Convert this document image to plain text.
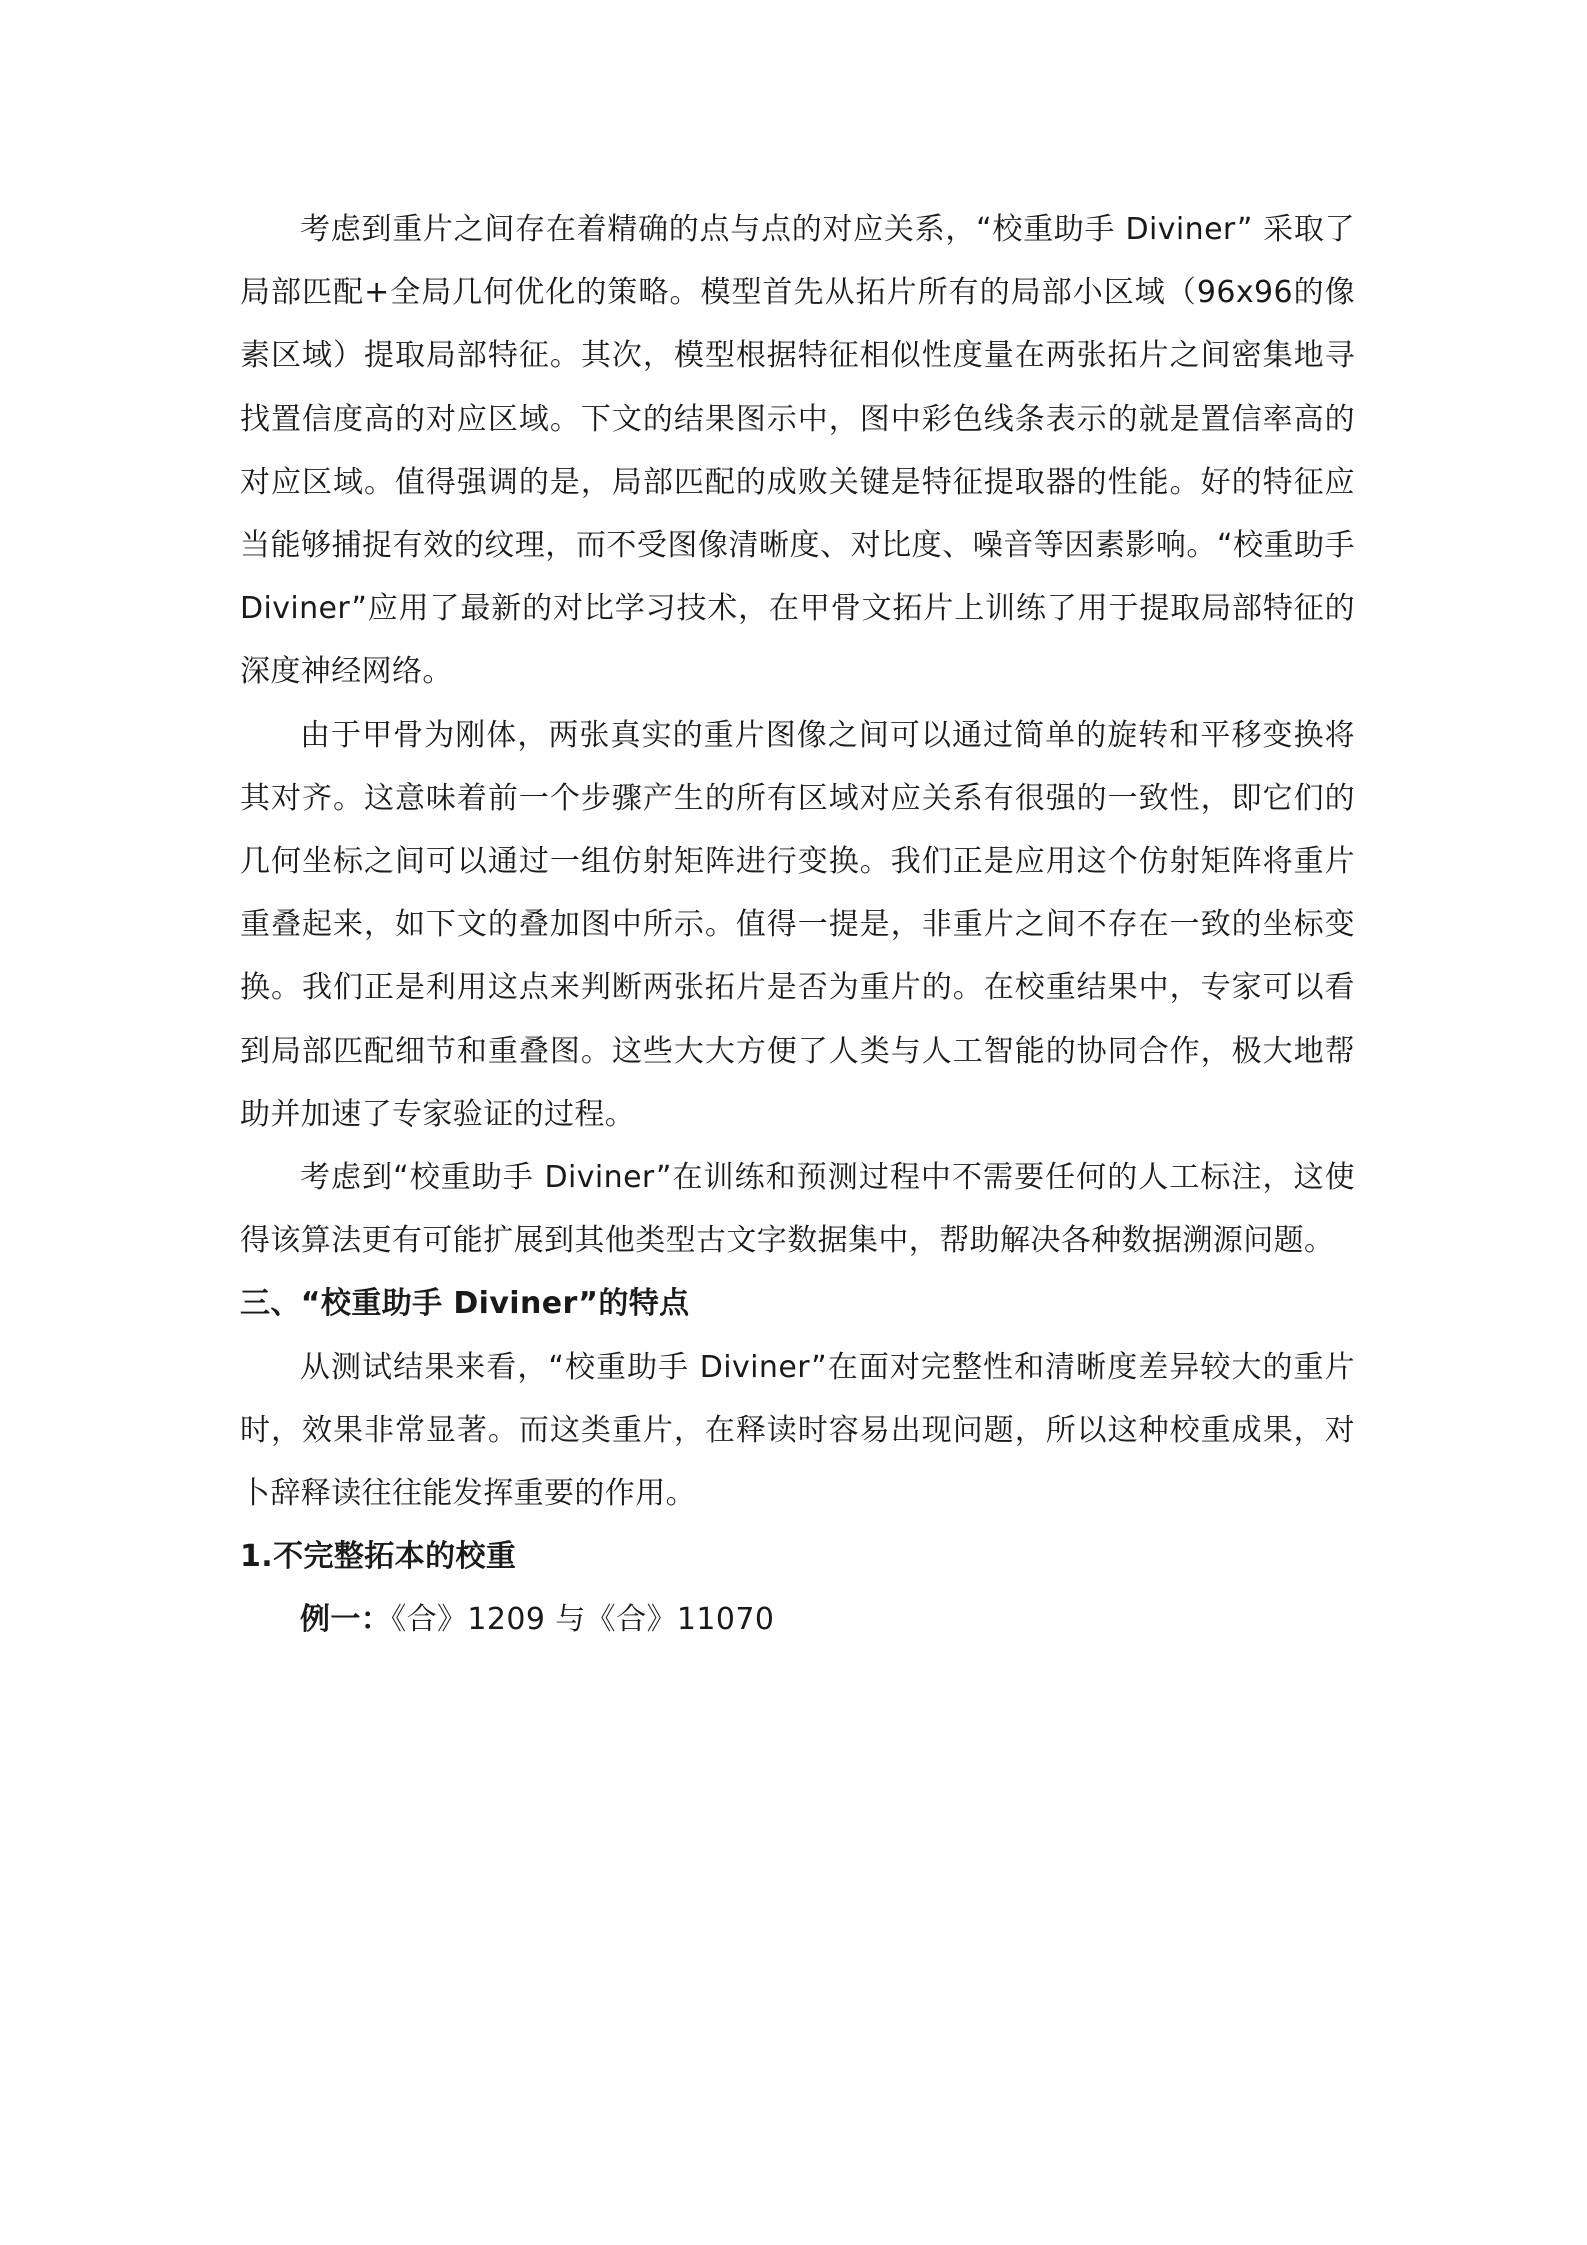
考虑到重片之间存在着精确的点与点的对应关系，“校重助手 Diviner” 采取了局部匹配+全局几何优化的策略。模型首先从拓片所有的局部小区域（96x96的像素区域）提取局部特征。其次，模型根据特征相似性度量在两张拓片之间密集地寻找置信度高的对应区域。下文的结果图示中，图中彩色线条表示的就是置信率高的对应区域。值得强调的是，局部匹配的成败关键是特征提取器的性能。好的特征应当能够捕捉有效的纹理，而不受图像清晰度、对比度、噪音等因素影响。“校重助手 Diviner”应用了最新的对比学习技术，在甲骨文拓片上训练了用于提取局部特征的深度神经网络。

由于甲骨为刚体，两张真实的重片图像之间可以通过简单的旋转和平移变换将其对齐。这意味着前一个步骤产生的所有区域对应关系有很强的一致性，即它们的几何坐标之间可以通过一组仿射矩阵进行变换。我们正是应用这个仿射矩阵将重片重叠起来，如下文的叠加图中所示。值得一提是，非重片之间不存在一致的坐标变换。我们正是利用这点来判断两张拓片是否为重片的。在校重结果中，专家可以看到局部匹配细节和重叠图。这些大大方便了人类与人工智能的协同合作，极大地帮助并加速了专家验证的过程。

考虑到“校重助手 Diviner”在训练和预测过程中不需要任何的人工标注，这使得该算法更有可能扩展到其他类型古文字数据集中，帮助解决各种数据溯源问题。

三、“校重助手 Diviner”的特点

从测试结果来看，“校重助手 Diviner”在面对完整性和清晰度差异较大的重片时，效果非常显著。而这类重片，在释读时容易出现问题，所以这种校重成果，对卜辞释读往往能发挥重要的作用。

1.不完整拓本的校重

例一：《合》1209 与《合》11070
